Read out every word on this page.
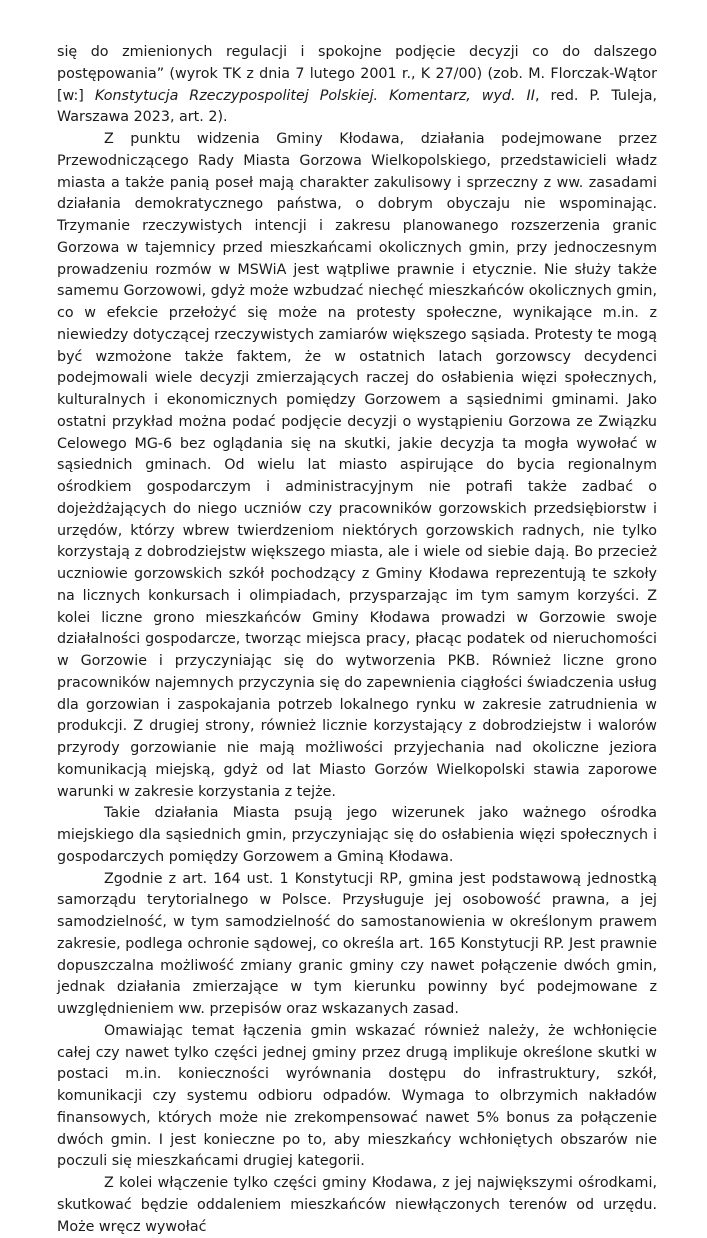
się do zmienionych regulacji i spokojne podjęcie decyzji co do dalszego postępowania” (wyrok TK z dnia 7 lutego 2001 r., K 27/00) (zob. M. Florczak-Wątor [w:] Konstytucja Rzeczypospolitej Polskiej. Komentarz, wyd. II, red. P. Tuleja, Warszawa 2023, art. 2).

Z punktu widzenia Gminy Kłodawa, działania podejmowane przez Przewodniczącego Rady Miasta Gorzowa Wielkopolskiego, przedstawicieli władz miasta a także panią poseł mają charakter zakulisowy i sprzeczny z ww. zasadami działania demokratycznego państwa, o dobrym obyczaju nie wspominając. Trzymanie rzeczywistych intencji i zakresu planowanego rozszerzenia granic Gorzowa w tajemnicy przed mieszkańcami okolicznych gmin, przy jednoczesnym prowadzeniu rozmów w MSWiA jest wątpliwe prawnie i etycznie. Nie służy także samemu Gorzowowi, gdyż może wzbudzać niechęć mieszkańców okolicznych gmin, co w efekcie przełożyć się może na protesty społeczne, wynikające m.in. z niewiedzy dotyczącej rzeczywistych zamiarów większego sąsiada. Protesty te mogą być wzmożone także faktem, że w ostatnich latach gorzowscy decydenci podejmowali wiele decyzji zmierzających raczej do osłabienia więzi społecznych, kulturalnych i ekonomicznych pomiędzy Gorzowem a sąsiednimi gminami. Jako ostatni przykład można podać podjęcie decyzji o wystąpieniu Gorzowa ze Związku Celowego MG-6 bez oglądania się na skutki, jakie decyzja ta mogła wywołać w sąsiednich gminach. Od wielu lat miasto aspirujące do bycia regionalnym ośrodkiem gospodarczym i administracyjnym nie potrafi także zadbać o dojeżdżających do niego uczniów czy pracowników gorzowskich przedsiębiorstw i urzędów, którzy wbrew twierdzeniom niektórych gorzowskich radnych, nie tylko korzystają z dobrodziejstw większego miasta, ale i wiele od siebie dają. Bo przecież uczniowie gorzowskich szkół pochodzący z Gminy Kłodawa reprezentują te szkoły na licznych konkursach i olimpiadach, przysparzając im tym samym korzyści. Z kolei liczne grono mieszkańców Gminy Kłodawa prowadzi w Gorzowie swoje działalności gospodarcze, tworząc miejsca pracy, płacąc podatek od nieruchomości w Gorzowie i przyczyniając się do wytworzenia PKB. Również liczne grono pracowników najemnych przyczynia się do zapewnienia ciągłości świadczenia usług dla gorzowian i zaspokajania potrzeb lokalnego rynku w zakresie zatrudnienia w produkcji. Z drugiej strony, również licznie korzystający z dobrodziejstw i walorów przyrody gorzowianie nie mają możliwości przyjechania nad okoliczne jeziora komunikacją miejską, gdyż od lat Miasto Gorzów Wielkopolski stawia zaporowe warunki w zakresie korzystania z tejże.

Takie działania Miasta psują jego wizerunek jako ważnego ośrodka miejskiego dla sąsiednich gmin, przyczyniając się do osłabienia więzi społecznych i gospodarczych pomiędzy Gorzowem a Gminą Kłodawa.

Zgodnie z art. 164 ust. 1 Konstytucji RP, gmina jest podstawową jednostką samorządu terytorialnego w Polsce. Przysługuje jej osobowość prawna, a jej samodzielność, w tym samodzielność do samostanowienia w określonym prawem zakresie, podlega ochronie sądowej, co określa art. 165 Konstytucji RP. Jest prawnie dopuszczalna możliwość zmiany granic gminy czy nawet połączenie dwóch gmin, jednak działania zmierzające w tym kierunku powinny być podejmowane z uwzględnieniem ww. przepisów oraz wskazanych zasad.

Omawiając temat łączenia gmin wskazać również należy, że wchłonięcie całej czy nawet tylko części jednej gminy przez drugą implikuje określone skutki w postaci m.in. konieczności wyrównania dostępu do infrastruktury, szkół, komunikacji czy systemu odbioru odpadów. Wymaga to olbrzymich nakładów finansowych, których może nie zrekompensować nawet 5% bonus za połączenie dwóch gmin. I jest konieczne po to, aby mieszkańcy wchłoniętych obszarów nie poczuli się mieszkańcami drugiej kategorii.

Z kolei włączenie tylko części gminy Kłodawa, z jej największymi ośrodkami, skutkować będzie oddaleniem mieszkańców niewłączonych terenów od urzędu. Może wręcz wywołać
